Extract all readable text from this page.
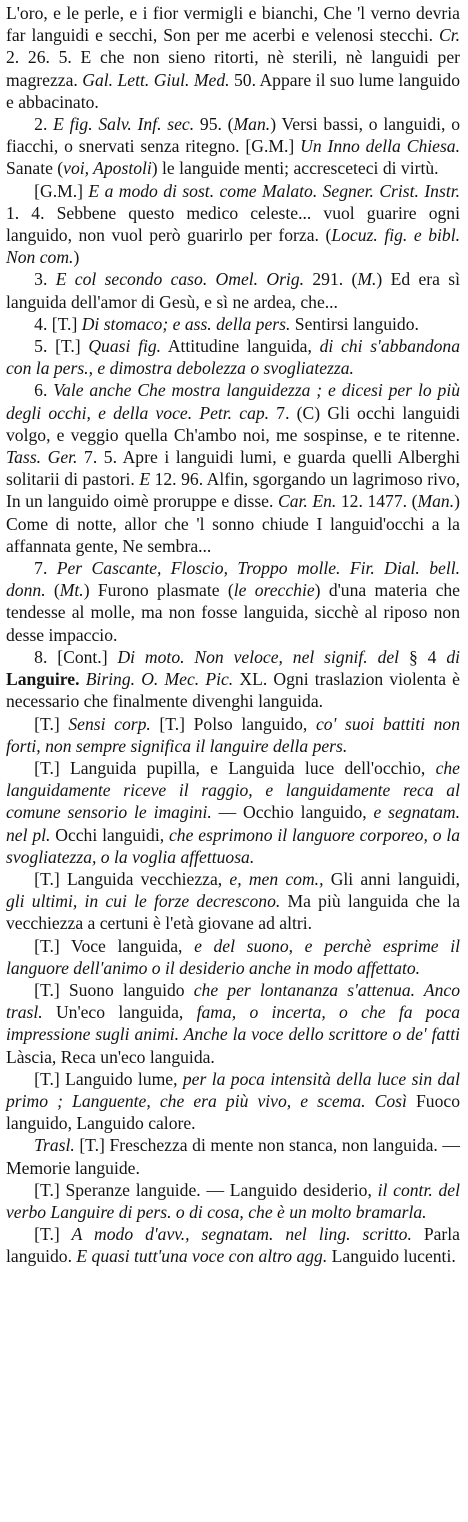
L'oro, e le perle, e i fior vermigli e bianchi, Che 'l verno devria far languidi e secchi, Son per me acerbi e velenosi stecchi. Cr. 2. 26. 5. E che non sieno ritorti, nè sterili, nè languidi per magrezza. Gal. Lett. Giul. Med. 50. Appare il suo lume languido e abbacinato.

2. E fig. Salv. Inf. sec. 95. (Man.) Versi bassi, o languidi, o fiacchi, o snervati senza ritegno. [G.M.] Un Inno della Chiesa. Sanate (voi, Apostoli) le languide menti; accresceteci di virtù.

[G.M.] E a modo di sost. come Malato. Segner. Crist. Instr. 1. 4. Sebbene questo medico celeste... vuol guarire ogni languido, non vuol però guarirlo per forza. (Locuz. fig. e bibl. Non com.)

3. E col secondo caso. Omel. Orig. 291. (M.) Ed era sì languida dell'amor di Gesù, e sì ne ardea, che...

4. [T.] Di stomaco; e ass. della pers. Sentirsi languido.

5. [T.] Quasi fig. Attitudine languida, di chi s'abbandona con la pers., e dimostra debolezza o svogliatezza.

6. Vale anche Che mostra languidezza ; e dicesi per lo più degli occhi, e della voce. Petr. cap. 7. (C) Gli occhi languidi volgo, e veggio quella Ch'ambo noi, me sospinse, e te ritenne. Tass. Ger. 7. 5. Apre i languidi lumi, e guarda quelli Alberghi solitarii di pastori. E 12. 96. Alfin, sgorgando un lagrimoso rivo, In un languido oimè proruppe e disse. Car. En. 12. 1477. (Man.) Come di notte, allor che 'l sonno chiude I languid'occhi a la affannata gente, Ne sembra...

7. Per Cascante, Floscio, Troppo molle. Fir. Dial. bell. donn. (Mt.) Furono plasmate (le orecchie) d'una materia che tendesse al molle, ma non fosse languida, sicchè al riposo non desse impaccio.

8. [Cont.] Di moto. Non veloce, nel signif. del § 4 di Languire. Biring. O. Mec. Pic. XL. Ogni traslazion violenta è necessario che finalmente divenghi languida.

[T.] Sensi corp. [T.] Polso languido, co' suoi battiti non forti, non sempre significa il languire della pers.

[T.] Languida pupilla, e Languida luce dell'occhio, che languidamente riceve il raggio, e languidamente reca al comune sensorio le imagini. — Occhio languido, e segnatam. nel pl. Occhi languidi, che esprimono il languore corporeo, o la svogliatezza, o la voglia affettuosa.

[T.] Languida vecchiezza, e, men com., Gli anni languidi, gli ultimi, in cui le forze decrescono. Ma più languida che la vecchiezza a certuni è l'età giovane ad altri.

[T.] Voce languida, e del suono, e perchè esprime il languore dell'animo o il desiderio anche in modo affettato.

[T.] Suono languido che per lontananza s'attenua. Anco trasl. Un'eco languida, fama, o incerta, o che fa poca impressione sugli animi. Anche la voce dello scrittore o de' fatti Làscia, Reca un'eco languida.

[T.] Languido lume, per la poca intensità della luce sin dal primo ; Languente, che era più vivo, e scema. Così Fuoco languido, Languido calore.

Trasl. [T.] Freschezza di mente non stanca, non languida. — Memorie languide.

[T.] Speranze languide. — Languido desiderio, il contr. del verbo Languire di pers. o di cosa, che è un molto bramarla.

[T.] A modo d'avv., segnatam. nel ling. scritto. Parla languido. E quasi tutt'una voce con altro agg. Languido lucenti.
